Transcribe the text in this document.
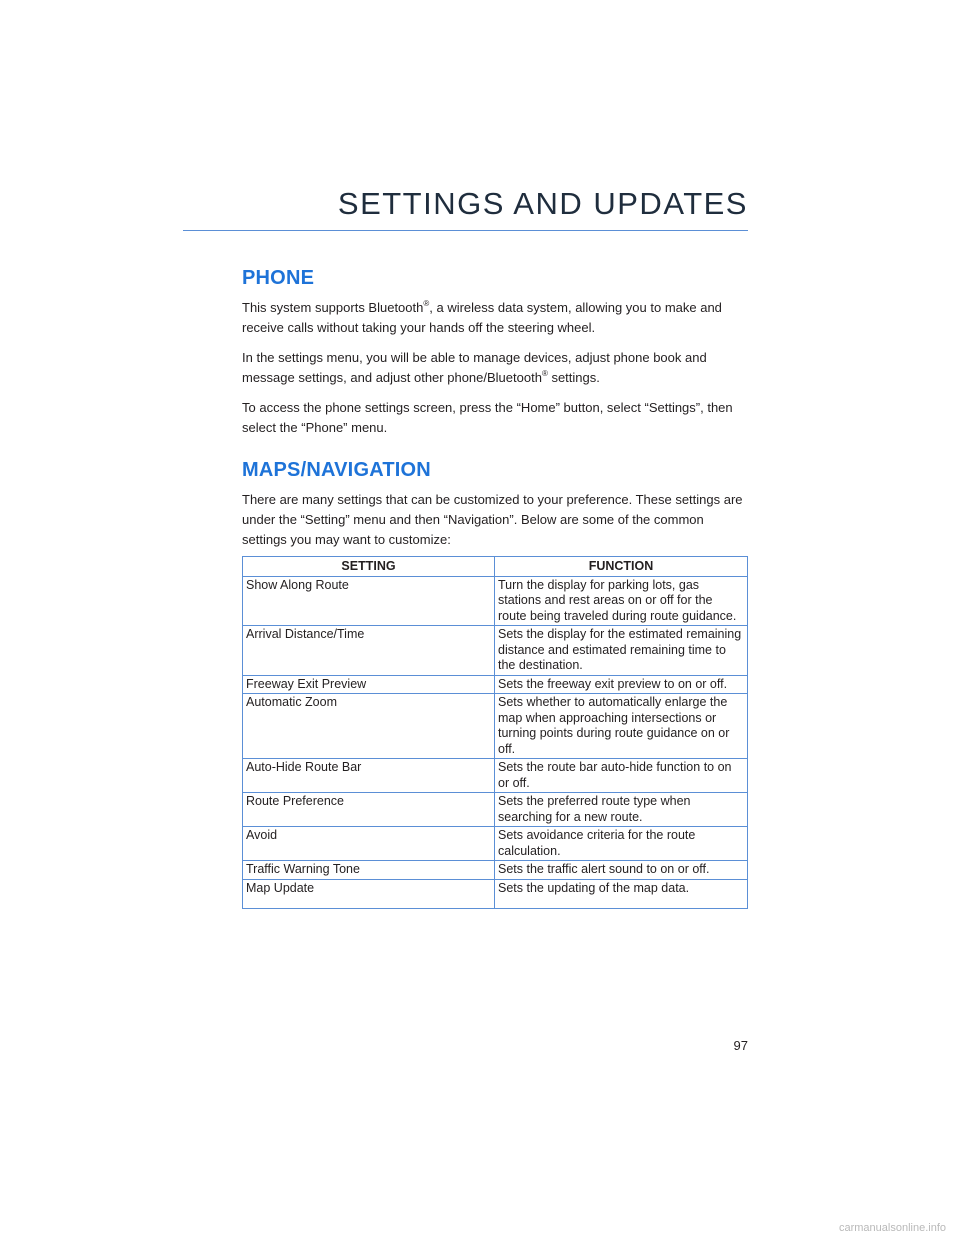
SETTINGS AND UPDATES
PHONE

This system supports Bluetooth®, a wireless data system, allowing you to make and receive calls without taking your hands off the steering wheel.

In the settings menu, you will be able to manage devices, adjust phone book and message settings, and adjust other phone/Bluetooth® settings.

To access the phone settings screen, press the “Home” button, select “Settings”, then select the “Phone” menu.

MAPS/NAVIGATION

There are many settings that can be customized to your preference. These settings are under the “Setting” menu and then “Navigation”. Below are some of the common settings you may want to customize:

SETTING	FUNCTION
Show Along Route	Turn the display for parking lots, gas stations and rest areas on or off for the route being traveled during route guidance.
Arrival Distance/Time	Sets the display for the estimated remaining distance and estimated remaining time to the destination.
Freeway Exit Preview	Sets the freeway exit preview to on or off.
Automatic Zoom	Sets whether to automatically enlarge the map when approaching intersections or turning points during route guidance on or off.
Auto-Hide Route Bar	Sets the route bar auto-hide function to on or off.
Route Preference	Sets the preferred route type when searching for a new route.
Avoid	Sets avoidance criteria for the route calculation.
Traffic Warning Tone	Sets the traffic alert sound to on or off.
Map Update	Sets the updating of the map data.
97
carmanualsonline.info
